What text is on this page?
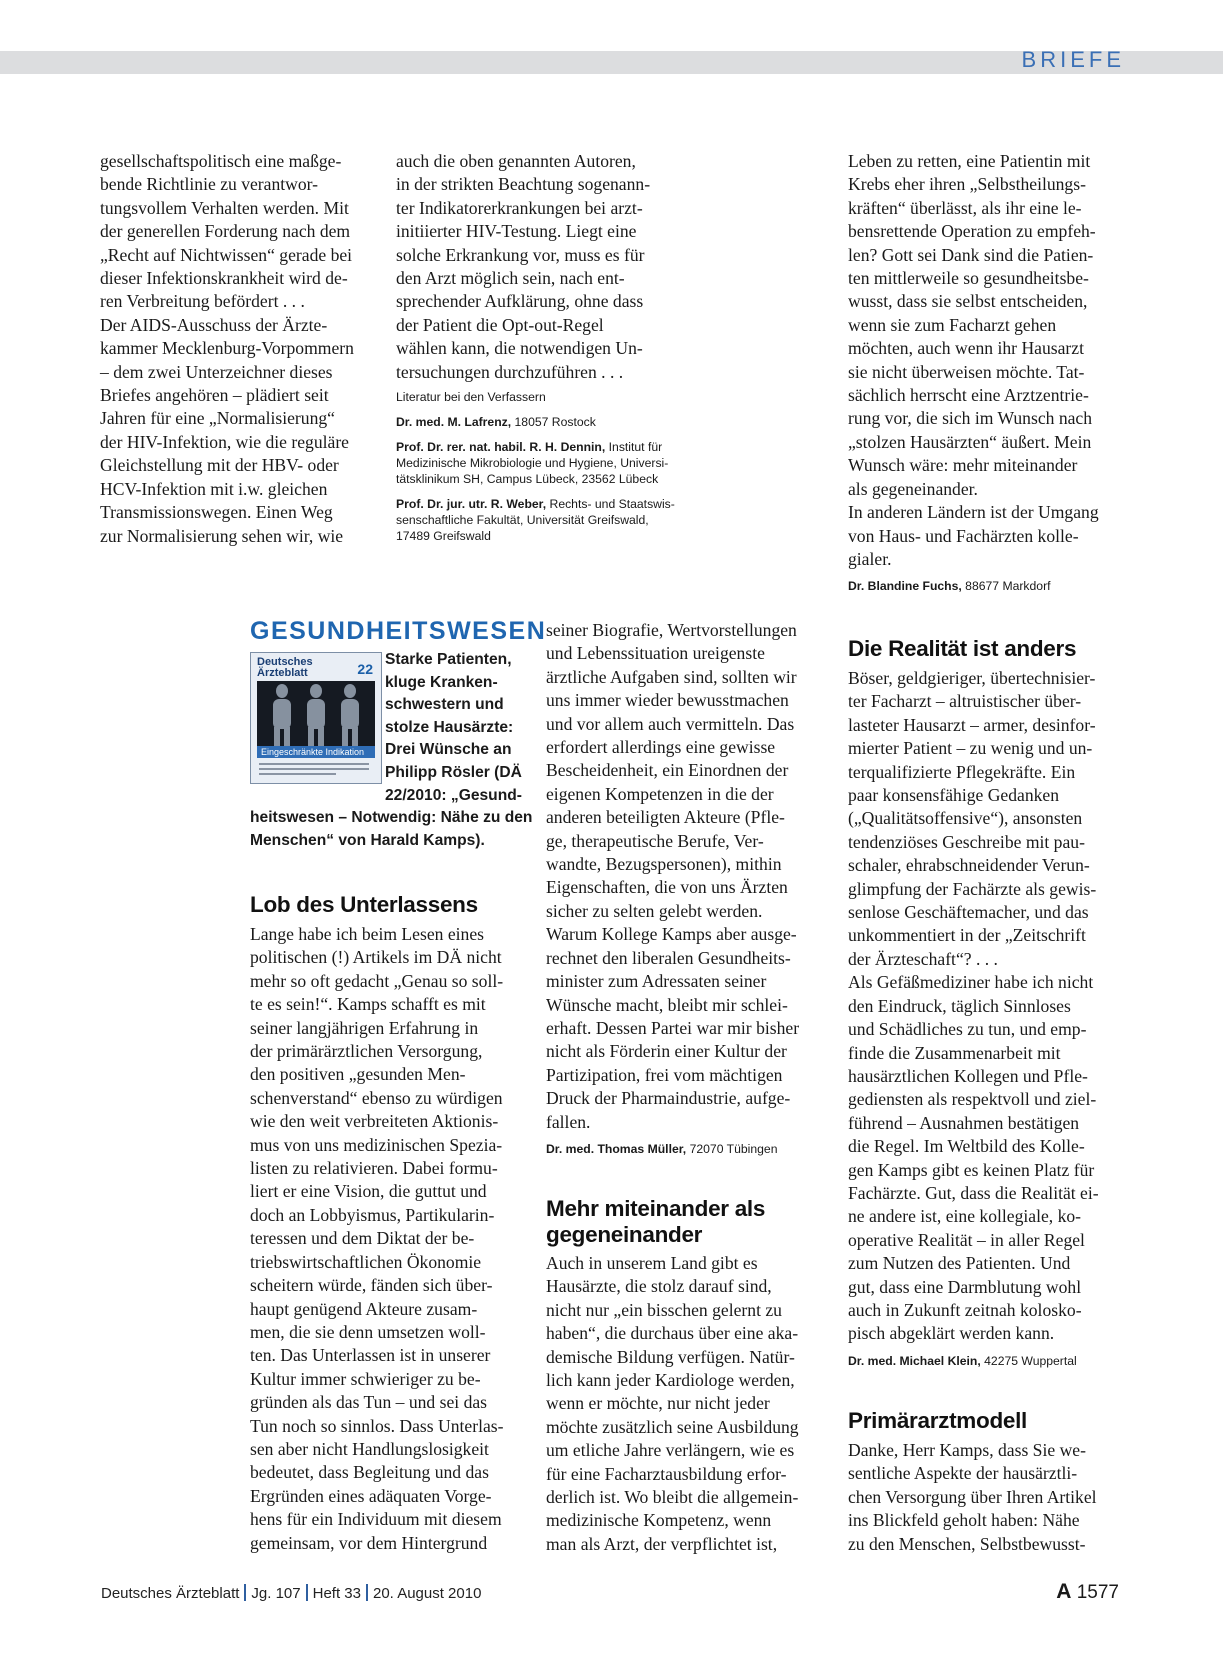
BRIEFE
gesellschaftspolitisch eine maßge-
bende Richtlinie zu verantwor-
tungsvollem Verhalten werden. Mit
der generellen Forderung nach dem
„Recht auf Nichtwissen“ gerade bei
dieser Infektionskrankheit wird de-
ren Verbreitung befördert . . .
Der AIDS-Ausschuss der Ärzte-
kammer Mecklenburg-Vorpommern
– dem zwei Unterzeichner dieses
Briefes angehören – plädiert seit
Jahren für eine „Normalisierung“
der HIV-Infektion, wie die reguläre
Gleichstellung mit der HBV- oder
HCV-Infektion mit i.w. gleichen
Transmissionswegen. Einen Weg
zur Normalisierung sehen wir, wie
auch die oben genannten Autoren,
in der strikten Beachtung sogenann-
ter Indikatorerkrankungen bei arzt-
initiierter HIV-Testung. Liegt eine
solche Erkrankung vor, muss es für
den Arzt möglich sein, nach ent-
sprechender Aufklärung, ohne dass
der Patient die Opt-out-Regel
wählen kann, die notwendigen Un-
tersuchungen durchzuführen . . .
Literatur bei den Verfassern
Dr. med. M. Lafrenz, 18057 Rostock
Prof. Dr. rer. nat. habil. R. H. Dennin, Institut für
Medizinische Mikrobiologie und Hygiene, Universi-
tätsklinikum SH, Campus Lübeck, 23562 Lübeck
Prof. Dr. jur. utr. R. Weber, Rechts- und Staatswis-
senschaftliche Fakultät, Universität Greifswald,
17489 Greifswald
Leben zu retten, eine Patientin mit
Krebs eher ihren „Selbstheilungs-
kräften“ überlässt, als ihr eine le-
bensrettende Operation zu empfeh-
len? Gott sei Dank sind die Patien-
ten mittlerweile so gesundheitsbe-
wusst, dass sie selbst entscheiden,
wenn sie zum Facharzt gehen
möchten, auch wenn ihr Hausarzt
sie nicht überweisen möchte. Tat-
sächlich herrscht eine Arztzentrie-
rung vor, die sich im Wunsch nach
„stolzen Hausärzten“ äußert. Mein
Wunsch wäre: mehr miteinander
als gegeneinander.
In anderen Ländern ist der Umgang
von Haus- und Fachärzten kolle-
gialer.
Dr. Blandine Fuchs, 88677 Markdorf
GESUNDHEITSWESEN
Deutsches
Ärzteblatt	22
Eingeschränkte Indikation
Starke Patienten,
kluge Kranken-
schwestern und
stolze Hausärzte:
Drei Wünsche an
Philipp Rösler (DÄ
22/2010: „Gesund-
heitswesen – Notwendig: Nähe zu den
Menschen“ von Harald Kamps).
Lob des Unterlassens
Lange habe ich beim Lesen eines
politischen (!) Artikels im DÄ nicht
mehr so oft gedacht „Genau so soll-
te es sein!“. Kamps schafft es mit
seiner langjährigen Erfahrung in
der primärärztlichen Versorgung,
den positiven „gesunden Men-
schenverstand“ ebenso zu würdigen
wie den weit verbreiteten Aktionis-
mus von uns medizinischen Spezia-
listen zu relativieren. Dabei formu-
liert er eine Vision, die guttut und
doch an Lobbyismus, Partikularin-
teressen und dem Diktat der be-
triebswirtschaftlichen Ökonomie
scheitern würde, fänden sich über-
haupt genügend Akteure zusam-
men, die sie denn umsetzen woll-
ten. Das Unterlassen ist in unserer
Kultur immer schwieriger zu be-
gründen als das Tun – und sei das
Tun noch so sinnlos. Dass Unterlas-
sen aber nicht Handlungslosigkeit
bedeutet, dass Begleitung und das
Ergründen eines adäquaten Vorge-
hens für ein Individuum mit diesem
gemeinsam, vor dem Hintergrund
seiner Biografie, Wertvorstellungen
und Lebenssituation ureigenste
ärztliche Aufgaben sind, sollten wir
uns immer wieder bewusstmachen
und vor allem auch vermitteln. Das
erfordert allerdings eine gewisse
Bescheidenheit, ein Einordnen der
eigenen Kompetenzen in die der
anderen beteiligten Akteure (Pfle-
ge, therapeutische Berufe, Ver-
wandte, Bezugspersonen), mithin
Eigenschaften, die von uns Ärzten
sicher zu selten gelebt werden.
Warum Kollege Kamps aber ausge-
rechnet den liberalen Gesundheits-
minister zum Adressaten seiner
Wünsche macht, bleibt mir schlei-
erhaft. Dessen Partei war mir bisher
nicht als Förderin einer Kultur der
Partizipation, frei vom mächtigen
Druck der Pharmaindustrie, aufge-
fallen.
Dr. med. Thomas Müller, 72070 Tübingen
Mehr miteinander als
gegeneinander
Auch in unserem Land gibt es
Hausärzte, die stolz darauf sind,
nicht nur „ein bisschen gelernt zu
haben“, die durchaus über eine aka-
demische Bildung verfügen. Natür-
lich kann jeder Kardiologe werden,
wenn er möchte, nur nicht jeder
möchte zusätzlich seine Ausbildung
um etliche Jahre verlängern, wie es
für eine Facharztausbildung erfor-
derlich ist. Wo bleibt die allgemein-
medizinische Kompetenz, wenn
man als Arzt, der verpflichtet ist,
Die Realität ist anders
Böser, geldgieriger, übertechnisier-
ter Facharzt – altruistischer über-
lasteter Hausarzt – armer, desinfor-
mierter Patient – zu wenig und un-
terqualifizierte Pflegekräfte. Ein
paar konsensfähige Gedanken
(„Qualitätsoffensive“), ansonsten
tendenziöses Geschreibe mit pau-
schaler, ehrabschneidender Verun-
glimpfung der Fachärzte als gewis-
senlose Geschäftemacher, und das
unkommentiert in der „Zeitschrift
der Ärzteschaft“? . . .
Als Gefäßmediziner habe ich nicht
den Eindruck, täglich Sinnloses
und Schädliches zu tun, und emp-
finde die Zusammenarbeit mit
hausärztlichen Kollegen und Pfle-
gediensten als respektvoll und ziel-
führend – Ausnahmen bestätigen
die Regel. Im Weltbild des Kolle-
gen Kamps gibt es keinen Platz für
Fachärzte. Gut, dass die Realität ei-
ne andere ist, eine kollegiale, ko-
operative Realität – in aller Regel
zum Nutzen des Patienten. Und
gut, dass eine Darmblutung wohl
auch in Zukunft zeitnah kolosko-
pisch abgeklärt werden kann.
Dr. med. Michael Klein, 42275 Wuppertal
Primärarztmodell
Danke, Herr Kamps, dass Sie we-
sentliche Aspekte der hausärztli-
chen Versorgung über Ihren Artikel
ins Blickfeld geholt haben: Nähe
zu den Menschen, Selbstbewusst-
Deutsches Ärzteblatt Jg. 107 Heft 33 20. August 2010	A 1577
